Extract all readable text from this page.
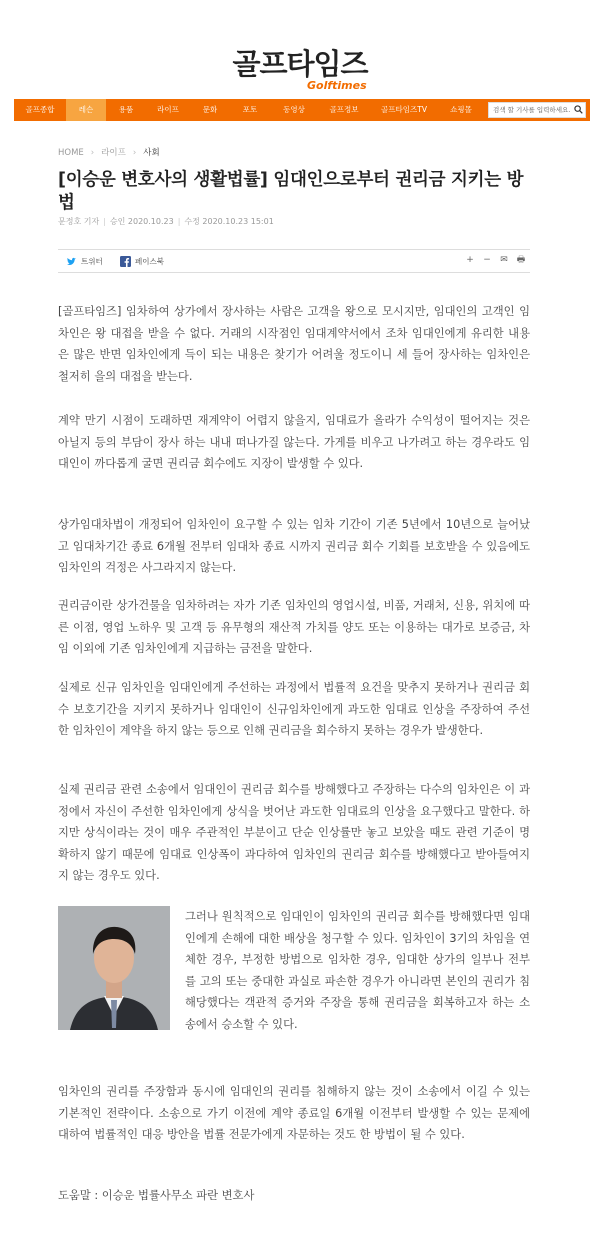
골프타임즈
Golftimes
골프종합	레슨	용품	라이프	문화	포토	동영상	골프정보	골프타임즈TV	쇼핑몰	검색 할 기사를 입력하세요.
HOME › 라이프 › 사회
[이승운 변호사의 생활법률] 임대인으로부터 권리금 지키는 방법
문정호 기자 | 승인 2020.10.23 | 수정 2020.10.23 15:01
트위터	페이스북	+	−	✉ 🖶

[골프타임즈] 임차하여 상가에서 장사하는 사람은 고객을 왕으로 모시지만, 임대인의 고객인 임차인은 왕 대접을 받을 수 없다. 거래의 시작점인 임대계약서에서 조차 임대인에게 유리한 내용은 많은 반면 임차인에게 득이 되는 내용은 찾기가 어려울 정도이니 세 들어 장사하는 임차인은 철저히 을의 대접을 받는다.

계약 만기 시점이 도래하면 재계약이 어렵지 않을지, 임대료가 올라가 수익성이 떨어지는 것은 아닐지 등의 부담이 장사 하는 내내 떠나가질 않는다. 가게를 비우고 나가려고 하는 경우라도 임대인이 까다롭게 굴면 권리금 회수에도 지장이 발생할 수 있다.

상가임대차법이 개정되어 임차인이 요구할 수 있는 임차 기간이 기존 5년에서 10년으로 늘어났고 임대차기간 종료 6개월 전부터 임대차 종료 시까지 권리금 회수 기회를 보호받을 수 있음에도 임차인의 걱정은 사그라지지 않는다.

권리금이란 상가건물을 임차하려는 자가 기존 임차인의 영업시설, 비품, 거래처, 신용, 위치에 따른 이점, 영업 노하우 및 고객 등 유무형의 재산적 가치를 양도 또는 이용하는 대가로 보증금, 차임 이외에 기존 임차인에게 지급하는 금전을 말한다.

실제로 신규 임차인을 임대인에게 주선하는 과정에서 법률적 요건을 맞추지 못하거나 권리금 회수 보호기간을 지키지 못하거나 임대인이 신규임차인에게 과도한 임대료 인상을 주장하여 주선한 임차인이 계약을 하지 않는 등으로 인해 권리금을 회수하지 못하는 경우가 발생한다.

실제 권리금 관련 소송에서 임대인이 권리금 회수를 방해했다고 주장하는 다수의 임차인은 이 과정에서 자신이 주선한 임차인에게 상식을 벗어난 과도한 임대료의 인상을 요구했다고 말한다. 하지만 상식이라는 것이 매우 주관적인 부분이고 단순 인상률만 놓고 보았을 때도 관련 기준이 명확하지 않기 때문에 임대료 인상폭이 과다하여 임차인의 권리금 회수를 방해했다고 받아들여지지 않는 경우도 있다.

그러나 원칙적으로 임대인이 임차인의 권리금 회수를 방해했다면 임대인에게 손해에 대한 배상을 청구할 수 있다. 임차인이 3기의 차임을 연체한 경우, 부정한 방법으로 임차한 경우, 임대한 상가의 일부나 전부를 고의 또는 중대한 과실로 파손한 경우가 아니라면 본인의 권리가 침해당했다는 객관적 증거와 주장을 통해 권리금을 회복하고자 하는 소송에서 승소할 수 있다.

임차인의 권리를 주장함과 동시에 임대인의 권리를 침해하지 않는 것이 소송에서 이길 수 있는 기본적인 전략이다. 소송으로 가기 이전에 계약 종료일 6개월 이전부터 발생할 수 있는 문제에 대하여 법률적인 대응 방안을 법률 전문가에게 자문하는 것도 한 방법이 될 수 있다.

도움말 : 이승운 법률사무소 파란 변호사
